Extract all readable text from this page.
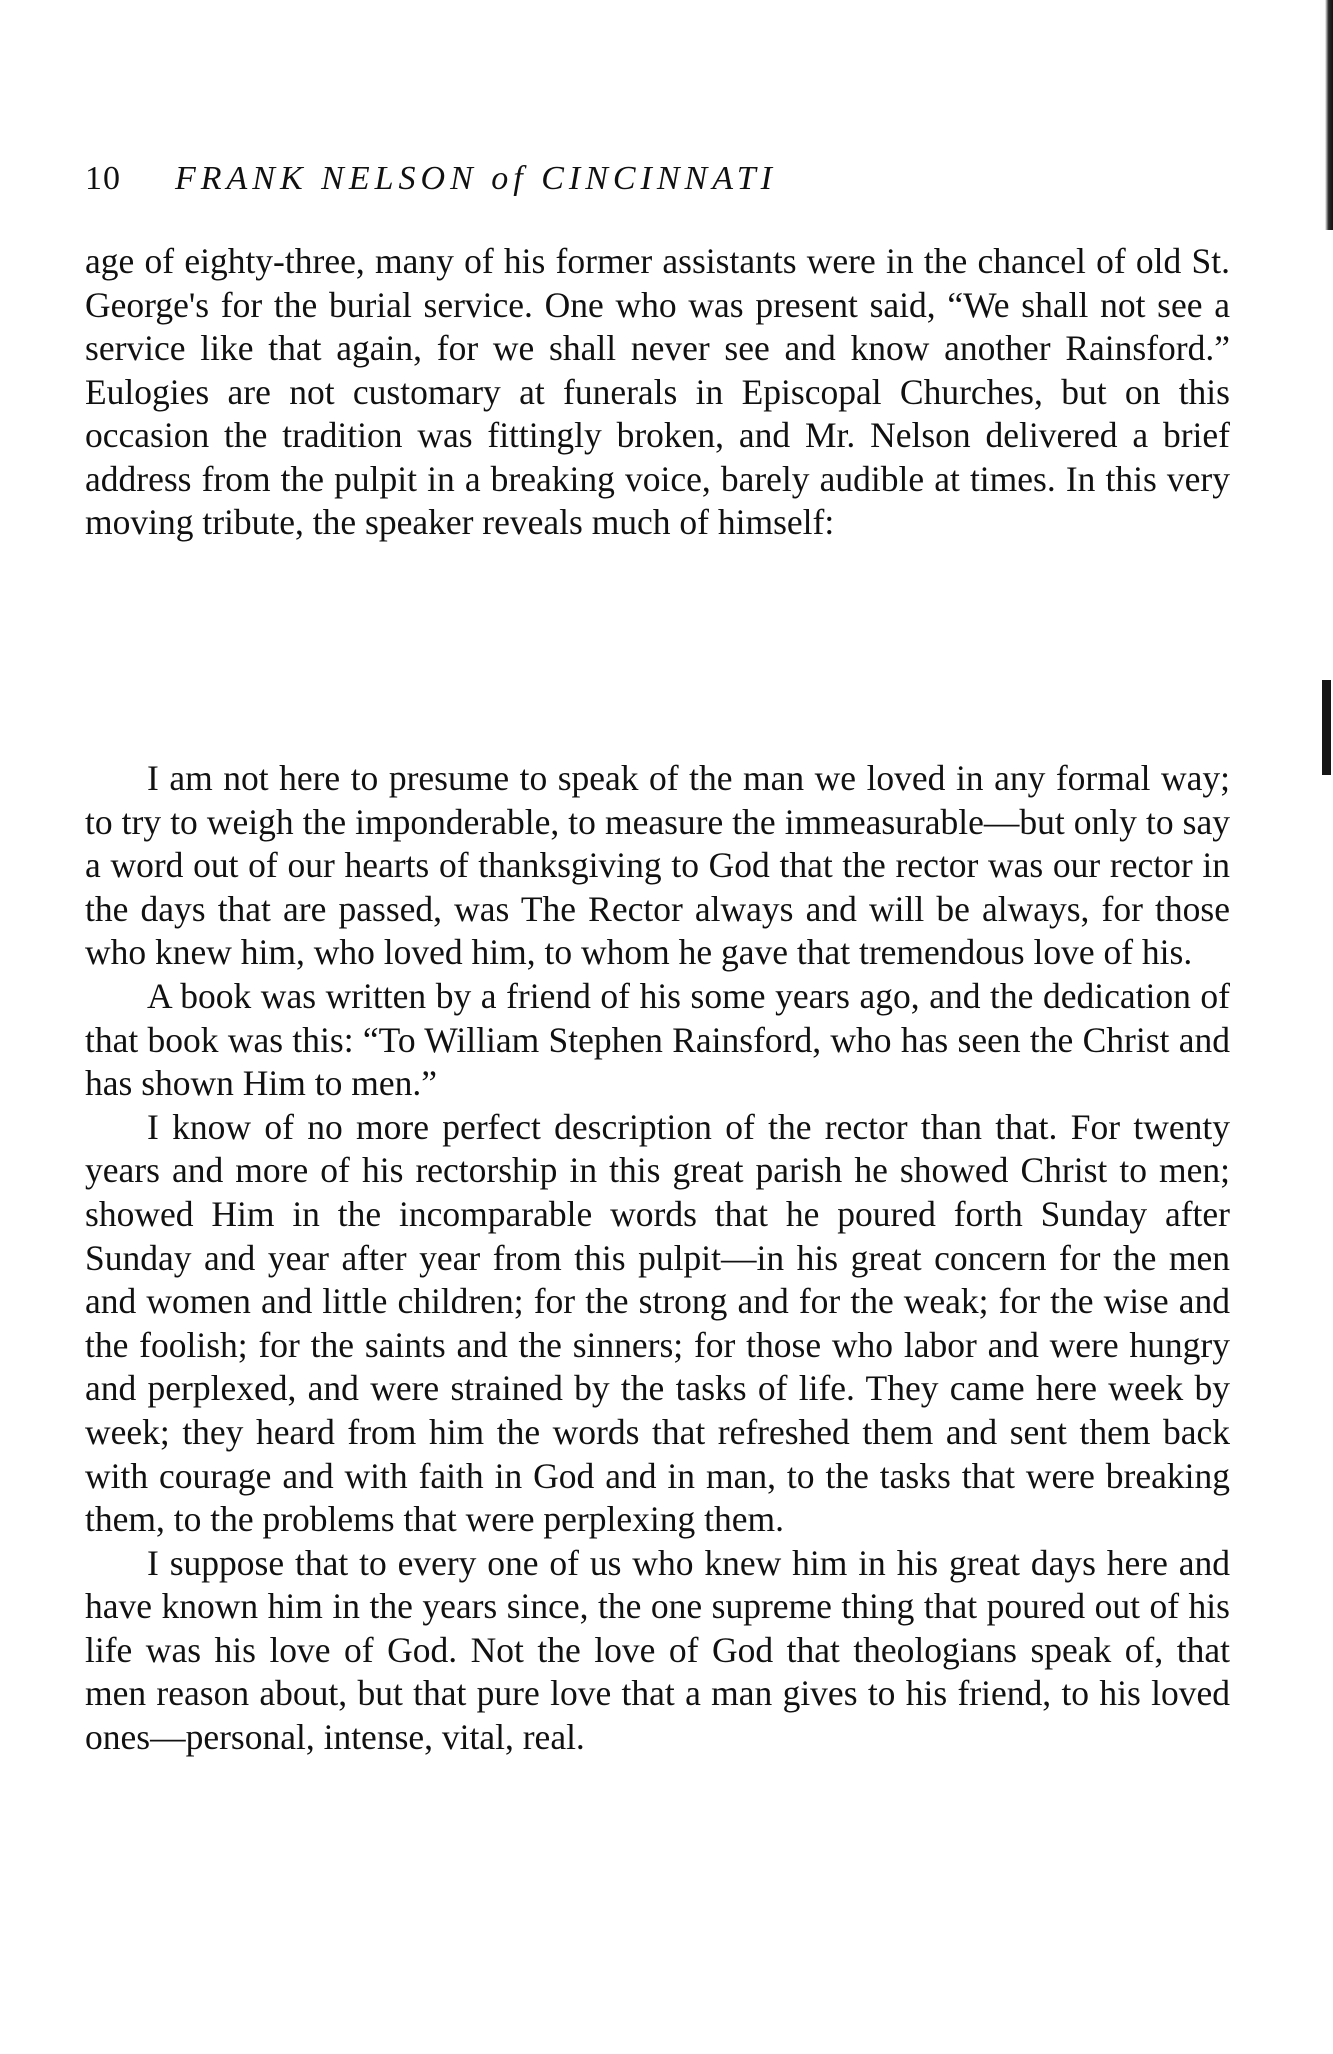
10 FRANK NELSON of CINCINNATI

age of eighty-three, many of his former assistants were in the chancel of old St. George's for the burial service. One who was present said, “We shall not see a service like that again, for we shall never see and know another Rainsford.” Eulogies are not customary at funerals in Episcopal Churches, but on this occasion the tradition was fittingly broken, and Mr. Nelson delivered a brief address from the pulpit in a breaking voice, barely audible at times. In this very moving tribute, the speaker reveals much of himself:

I am not here to presume to speak of the man we loved in any formal way; to try to weigh the imponderable, to measure the immeasurable—but only to say a word out of our hearts of thanksgiving to God that the rector was our rector in the days that are passed, was The Rector always and will be always, for those who knew him, who loved him, to whom he gave that tremendous love of his.

A book was written by a friend of his some years ago, and the dedication of that book was this: “To William Stephen Rainsford, who has seen the Christ and has shown Him to men.”

I know of no more perfect description of the rector than that. For twenty years and more of his rectorship in this great parish he showed Christ to men; showed Him in the incomparable words that he poured forth Sunday after Sunday and year after year from this pulpit—in his great concern for the men and women and little children; for the strong and for the weak; for the wise and the foolish; for the saints and the sinners; for those who labor and were hungry and perplexed, and were strained by the tasks of life. They came here week by week; they heard from him the words that refreshed them and sent them back with courage and with faith in God and in man, to the tasks that were breaking them, to the problems that were perplexing them.

I suppose that to every one of us who knew him in his great days here and have known him in the years since, the one supreme thing that poured out of his life was his love of God. Not the love of God that theologians speak of, that men reason about, but that pure love that a man gives to his friend, to his loved ones—personal, intense, vital, real.
